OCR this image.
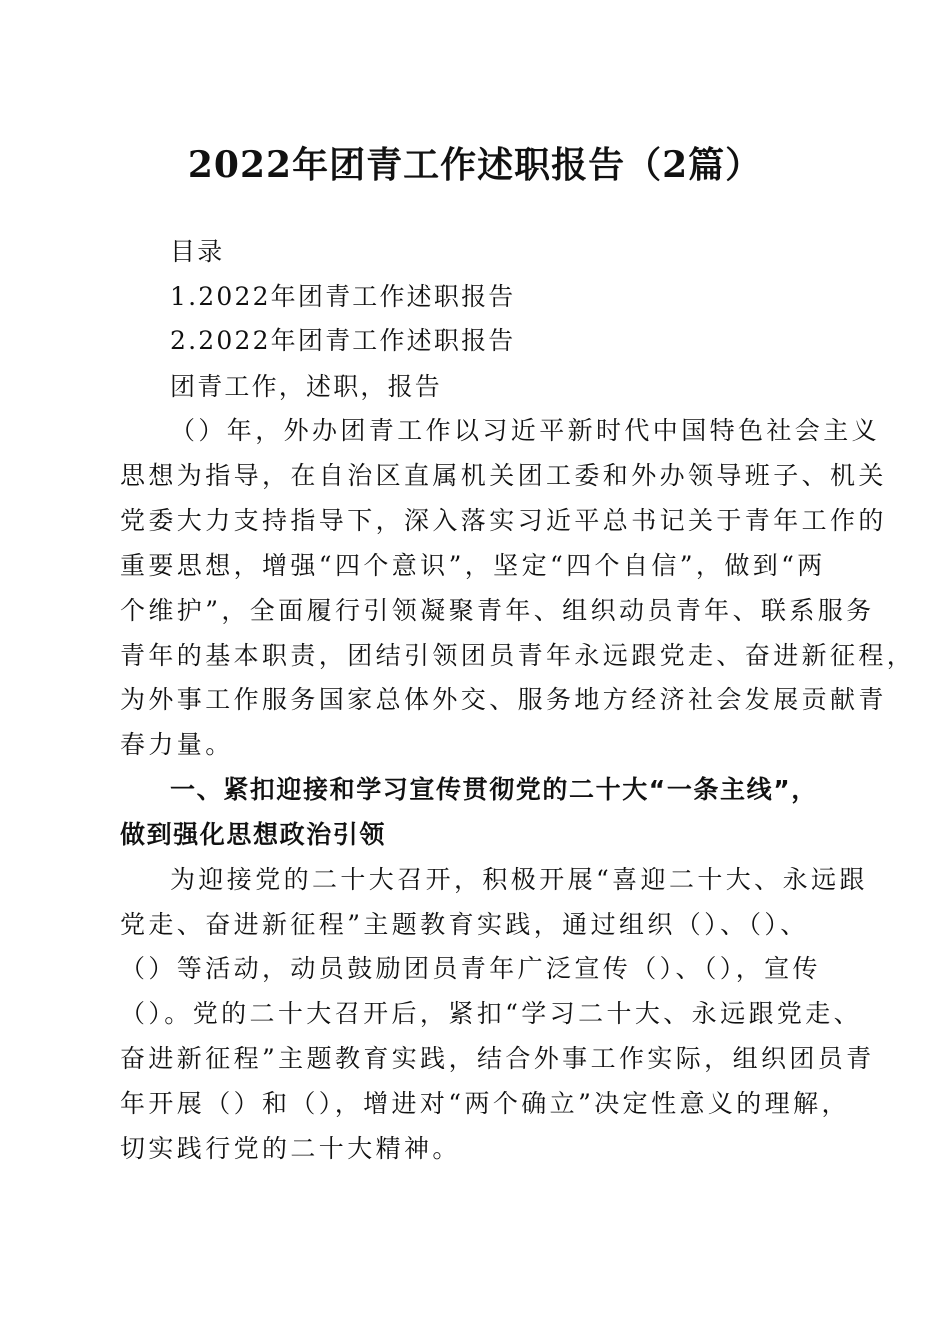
2022年团青工作述职报告（2篇）
目录
1.2022年团青工作述职报告
2.2022年团青工作述职报告
团青工作，述职，报告
（）年，外办团青工作以习近平新时代中国特色社会主义
思想为指导，在自治区直属机关团工委和外办领导班子、机关
党委大力支持指导下，深入落实习近平总书记关于青年工作的
重要思想，增强“四个意识”，坚定“四个自信”，做到“两
个维护”，全面履行引领凝聚青年、组织动员青年、联系服务
青年的基本职责，团结引领团员青年永远跟党走、奋进新征程，
为外事工作服务国家总体外交、服务地方经济社会发展贡献青
春力量。
一、紧扣迎接和学习宣传贯彻党的二十大“一条主线”，
做到强化思想政治引领
为迎接党的二十大召开，积极开展“喜迎二十大、永远跟
党走、奋进新征程”主题教育实践，通过组织（）、（）、
（）等活动，动员鼓励团员青年广泛宣传（）、（），宣传
（）。党的二十大召开后，紧扣“学习二十大、永远跟党走、
奋进新征程”主题教育实践，结合外事工作实际，组织团员青
年开展（）和（），增进对“两个确立”决定性意义的理解，
切实践行党的二十大精神。
